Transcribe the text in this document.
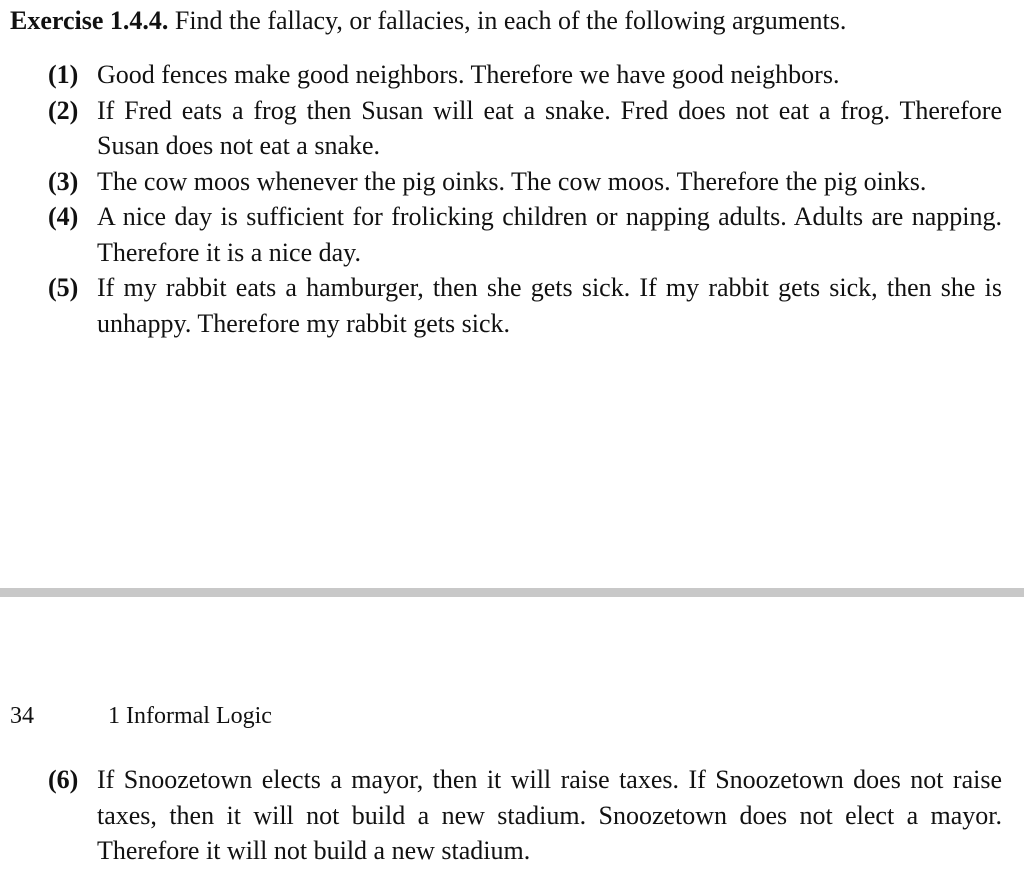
Exercise 1.4.4. Find the fallacy, or fallacies, in each of the following arguments.
(1) Good fences make good neighbors. Therefore we have good neighbors.
(2) If Fred eats a frog then Susan will eat a snake. Fred does not eat a frog. Therefore Susan does not eat a snake.
(3) The cow moos whenever the pig oinks. The cow moos. Therefore the pig oinks.
(4) A nice day is sufficient for frolicking children or napping adults. Adults are napping. Therefore it is a nice day.
(5) If my rabbit eats a hamburger, then she gets sick. If my rabbit gets sick, then she is unhappy. Therefore my rabbit gets sick.
34	1 Informal Logic
(6) If Snoozetown elects a mayor, then it will raise taxes. If Snoozetown does not raise taxes, then it will not build a new stadium. Snoozetown does not elect a mayor. Therefore it will not build a new stadium.
